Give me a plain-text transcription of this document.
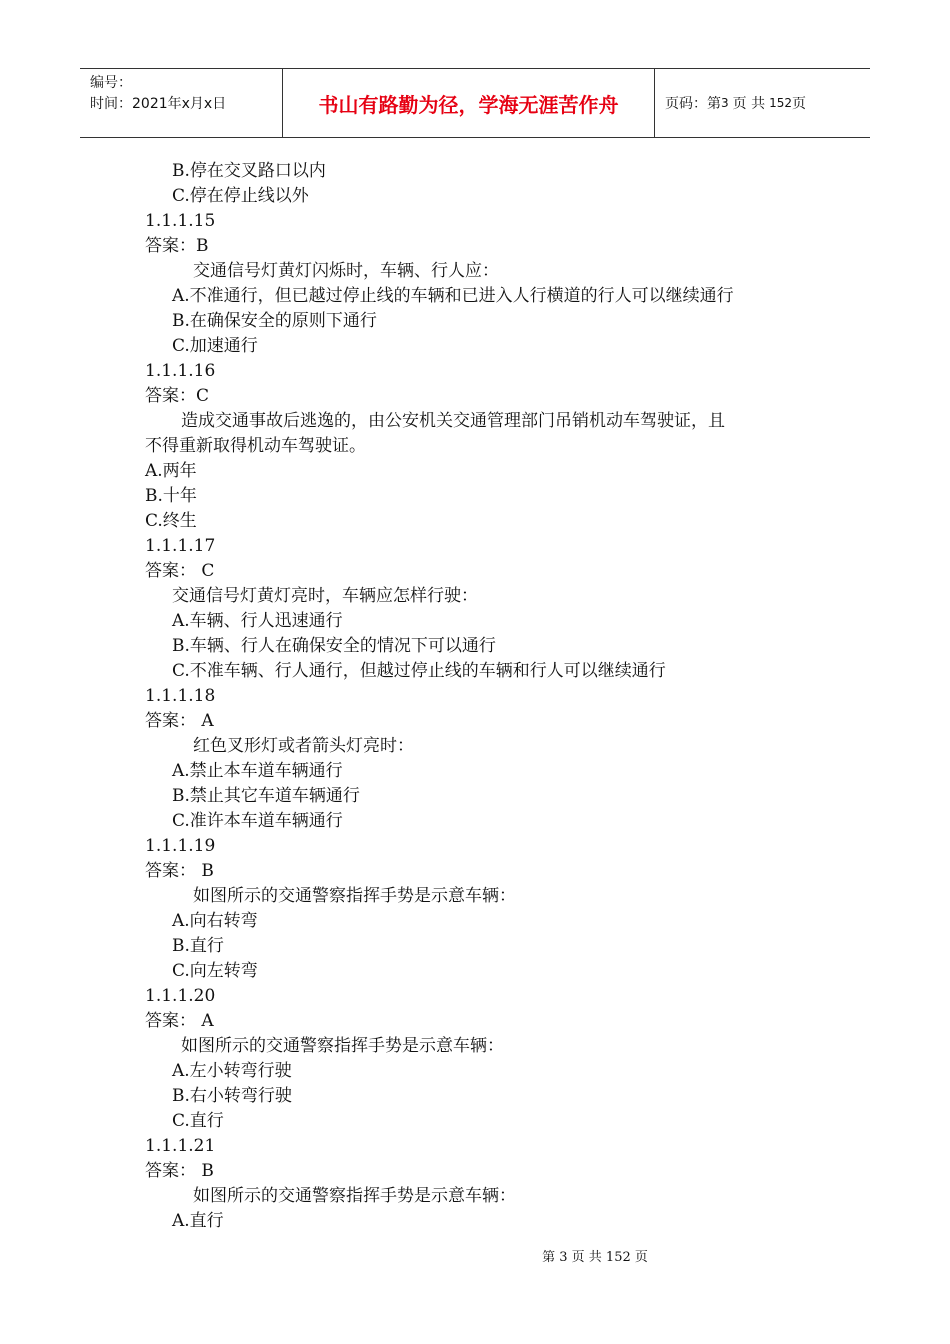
编号：
时间：2021年x月x日	书山有路勤为径，学海无涯苦作舟	页码：第 3 页 共 152 页
B.停在交叉路口以内
C.停在停止线以外
1.1.1.15
答案：B
交通信号灯黄灯闪烁时，车辆、行人应：
A.不准通行，但已越过停止线的车辆和已进入人行横道的行人可以继续通行
B.在确保安全的原则下通行
C.加速通行
1.1.1.16
答案：C
造成交通事故后逃逸的，由公安机关交通管理部门吊销机动车驾驶证，且
不得重新取得机动车驾驶证。
A.两年
B.十年
C.终生
1.1.1.17
答案： C
交通信号灯黄灯亮时，车辆应怎样行驶：
A.车辆、行人迅速通行
B.车辆、行人在确保安全的情况下可以通行
C.不准车辆、行人通行，但越过停止线的车辆和行人可以继续通行
1.1.1.18
答案： A
红色叉形灯或者箭头灯亮时：
A.禁止本车道车辆通行
B.禁止其它车道车辆通行
C.准许本车道车辆通行
1.1.1.19
答案： B
如图所示的交通警察指挥手势是示意车辆：
A.向右转弯
B.直行
C.向左转弯
1.1.1.20
答案： A
如图所示的交通警察指挥手势是示意车辆：
A.左小转弯行驶
B.右小转弯行驶
C.直行
1.1.1.21
答案： B
如图所示的交通警察指挥手势是示意车辆：
A.直行
第 3 页 共 152 页
